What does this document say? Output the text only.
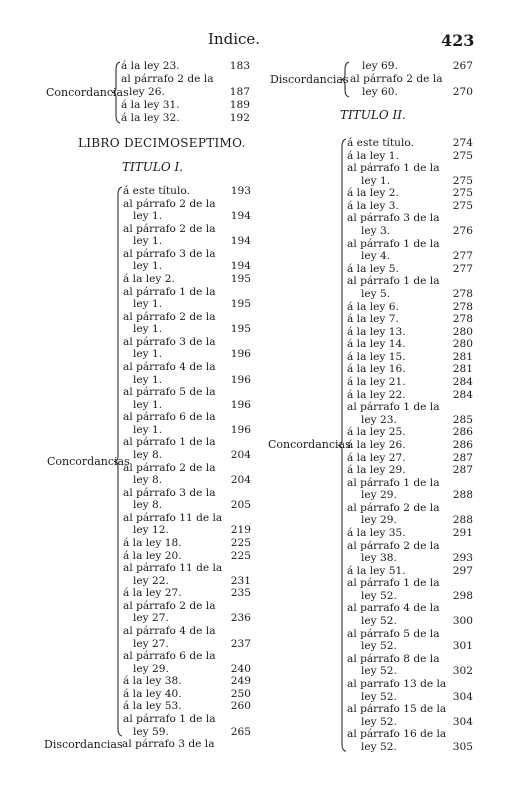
Indice.	423
á la ley 23.	183
al párrafo 2 de la
ley 26.	187
á la ley 31.	189
á la ley 32.	192
Concordancias
LIBRO DECIMOSEPTIMO.
TITULO I.
á este título.	193
al párrafo 2 de la
ley 1.	194
al párrafo 2 de la
ley 1.	194
al párrafo 3 de la
ley 1.	194
á la ley 2.	195
al párrafo 1 de la
ley 1.	195
al párrafo 2 de la
ley 1.	195
al párrafo 3 de la
ley 1.	196
al párrafo 4 de la
ley 1.	196
al párrafo 5 de la
ley 1.	196
al párrafo 6 de la
ley 1.	196
al párrafo 1 de la
ley 8.	204
al párrafo 2 de la
ley 8.	204
al párrafo 3 de la
ley 8.	205
al párrafo 11 de la
ley 12.	219
á la ley 18.	225
á la ley 20.	225
al párrafo 11 de la
ley 22.	231
á la ley 27.	235
al párrafo 2 de la
ley 27.	236
al párrafo 4 de la
ley 27.	237
al párrafo 6 de la
ley 29.	240
á la ley 38.	249
á la ley 40.	250
á la ley 53.	260
al párrafo 1 de la
ley 59.	265
Concordancias
Discordancias al párrafo 3 de la
ley 69.	267
al párrafo 2 de la
ley 60.	270
Discordancias
TITULO II.
á este título.	274
á la ley 1.	275
al párrafo 1 de la
ley 1.	275
á la ley 2.	275
á la ley 3.	275
al párrafo 3 de la
ley 3.	276
al párrafo 1 de la
ley 4.	277
á la ley 5.	277
al párrafo 1 de la
ley 5.	278
á la ley 6.	278
á la ley 7.	278
á la ley 13.	280
á la ley 14.	280
á la ley 15.	281
á la ley 16.	281
á la ley 21.	284
á la ley 22.	284
al párrafo 1 de la
ley 23.	285
á la ley 25.	286
á la ley 26.	286
á la ley 27.	287
á la ley 29.	287
al párrafo 1 de la
ley 29.	288
al párrafo 2 de la
ley 29.	288
á la ley 35.	291
al párrafo 2 de la
ley 38.	293
á la ley 51.	297
al párrafo 1 de la
ley 52.	298
al parrafo 4 de la
ley 52.	300
al párrafo 5 de la
ley 52.	301
al párrafo 8 de la
ley 52.	302
al parrafo 13 de la
ley 52.	304
al párrafo 15 de la
ley 52.	304
al párrafo 16 de la
ley 52.	305
Concordancias
